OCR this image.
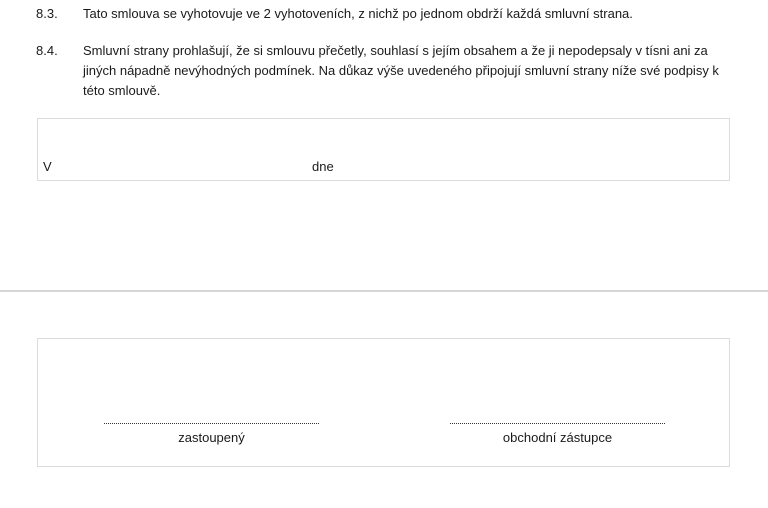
8.3.	Tato smlouva se vyhotovuje ve 2 vyhotoveních, z nichž po jednom obdrží každá smluvní strana.
8.4.	Smluvní strany prohlašují, že si smlouvu přečetly, souhlasí s jejím obsahem a že ji nepodepsaly v tísni ani za jiných nápadně nevýhodných podmínek. Na důkaz výše uvedeného připojují smluvní strany níže své podpisy k této smlouvě.
V	dne
zastoupený	obchodní zástupce
